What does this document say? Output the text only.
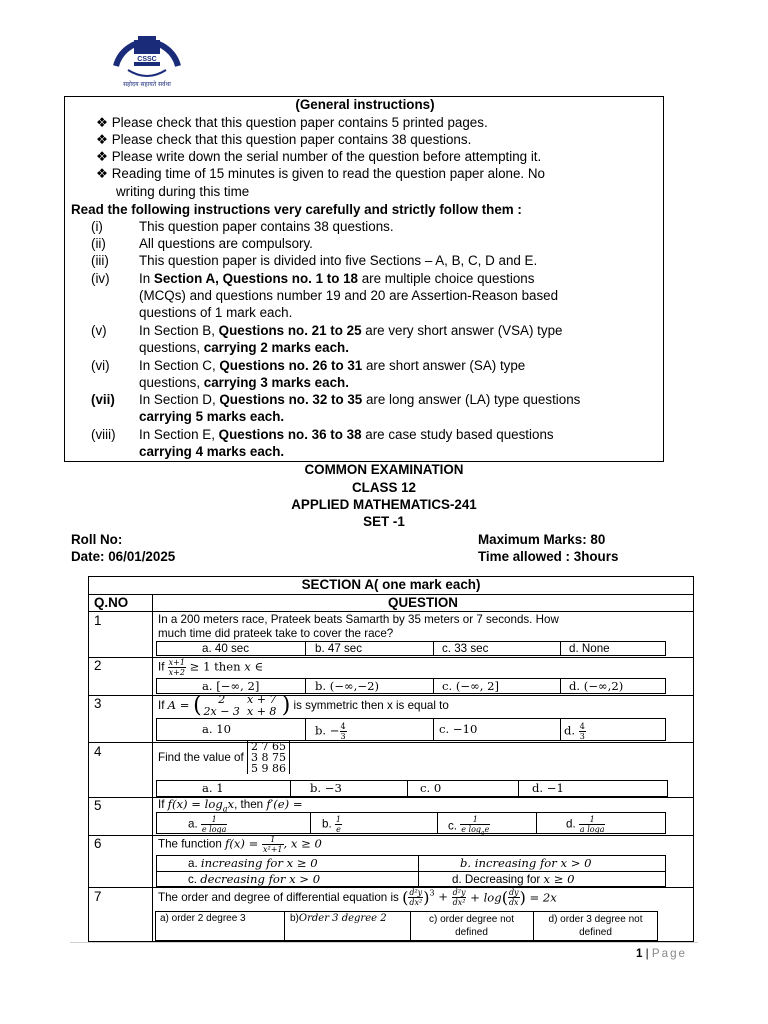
CSSC
सहोदय सहायते सर्वथा
(General instructions)
❖ Please check that this question paper contains 5 printed pages.
❖ Please check that this question paper contains 38 questions.
❖ Please write down the serial number of the question before attempting it.
❖ Reading time of 15 minutes is given to read the question paper alone. No
writing during this time
Read the following instructions very carefully and strictly follow them :
(i)	This question paper contains 38 questions.
(ii) All questions are compulsory.
(iii) This question paper is divided into five Sections – A, B, C, D and E.
(iv) In Section A, Questions no. 1 to 18 are multiple choice questions
(MCQs) and questions number 19 and 20 are Assertion-Reason based
questions of 1 mark each.
(v) In Section B, Questions no. 21 to 25 are very short answer (VSA) type
questions, carrying 2 marks each.
(vi) In Section C, Questions no. 26 to 31 are short answer (SA) type
questions, carrying 3 marks each.
(vii) In Section D, Questions no. 32 to 35 are long answer (LA) type questions
carrying 5 marks each.
(viii) In Section E, Questions no. 36 to 38 are case study based questions
carrying 4 marks each.
COMMON EXAMINATION
CLASS 12
APPLIED MATHEMATICS-241
SET -1
Roll No:	Maximum Marks: 80
Date: 06/01/2025	Time allowed : 3hours
SECTION A( one mark each)
Q.NO	QUESTION
1	In a 200 meters race, Prateek beats Samarth by 35 meters or 7 seconds. How
much time did prateek take to cover the race?
a. 40 sec	b. 47 sec	c. 33 sec	d. None
2	If $\frac{x+1}{x+2} \ge 1$ then x ∈
a. [−∞, 2]	b. (−∞,−2)	c. (−∞, 2]	d. (−∞,2)
3	If A = (	2 x + 7
2x − 3 x + 8 ) is symmetric then x is equal to
a. 10	b. − $\frac{4}{3}$	c. −10	d. $\frac{4}{3}$
4	Find the value of
2 7 65
3 8 75
5 9 86
a. 1	b. −3	c. 0	d. −1
5	If $f(x) = \log_ax$, then f′(e) =
a. $\frac{1}{\text{e loga}}$	b. $\frac{1}{e}$	c. $\frac{1}{e \log_ae}$	d. $\frac{1}{\text{a loga}}$
6	The function $f(x) = \frac{1}{\text{x²+1}}$ , x ≥ 0
a. increasing for x ≥ 0	b. increasing for x > 0
c. decreasing for x > 0	d. Decreasing for x ≥ 0
7	The order and degree of differential equation is ( $\frac{\text{d²y}}{\text{dx²}} )^3 + \frac{\text{d²y}}{\text{dx²}} + \log( \frac{dy}{dx}$ ) = 2x
a) order 2 degree 3	b)Order 3 degree 2	c) order degree not
defined
d) order 3 degree not
defined
1 | Page
